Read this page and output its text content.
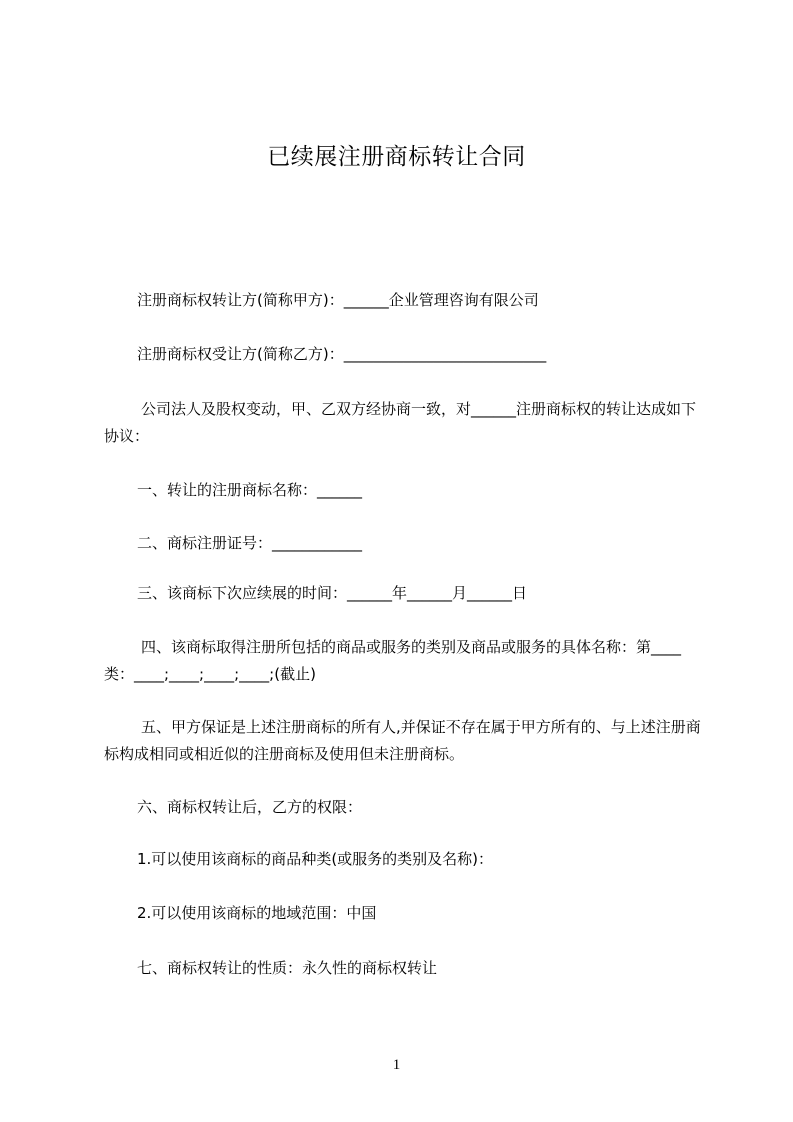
已续展注册商标转让合同

注册商标权转让方(简称甲方)：______企业管理咨询有限公司

注册商标权受让方(简称乙方)：___________________________

公司法人及股权变动，甲、乙双方经协商一致，对______注册商标权的转让达成如下协议：

一、转让的注册商标名称：______

二、商标注册证号：____________

三、该商标下次应续展的时间：______年______月______日

四、该商标取得注册所包括的商品或服务的类别及商品或服务的具体名称：第____类：____;____;____;____;(截止)

五、甲方保证是上述注册商标的所有人,并保证不存在属于甲方所有的、与上述注册商标构成相同或相近似的注册商标及使用但未注册商标。

六、商标权转让后，乙方的权限：

1.可以使用该商标的商品种类(或服务的类别及名称)：

2.可以使用该商标的地域范围：中国

七、商标权转让的性质：永久性的商标权转让

1
